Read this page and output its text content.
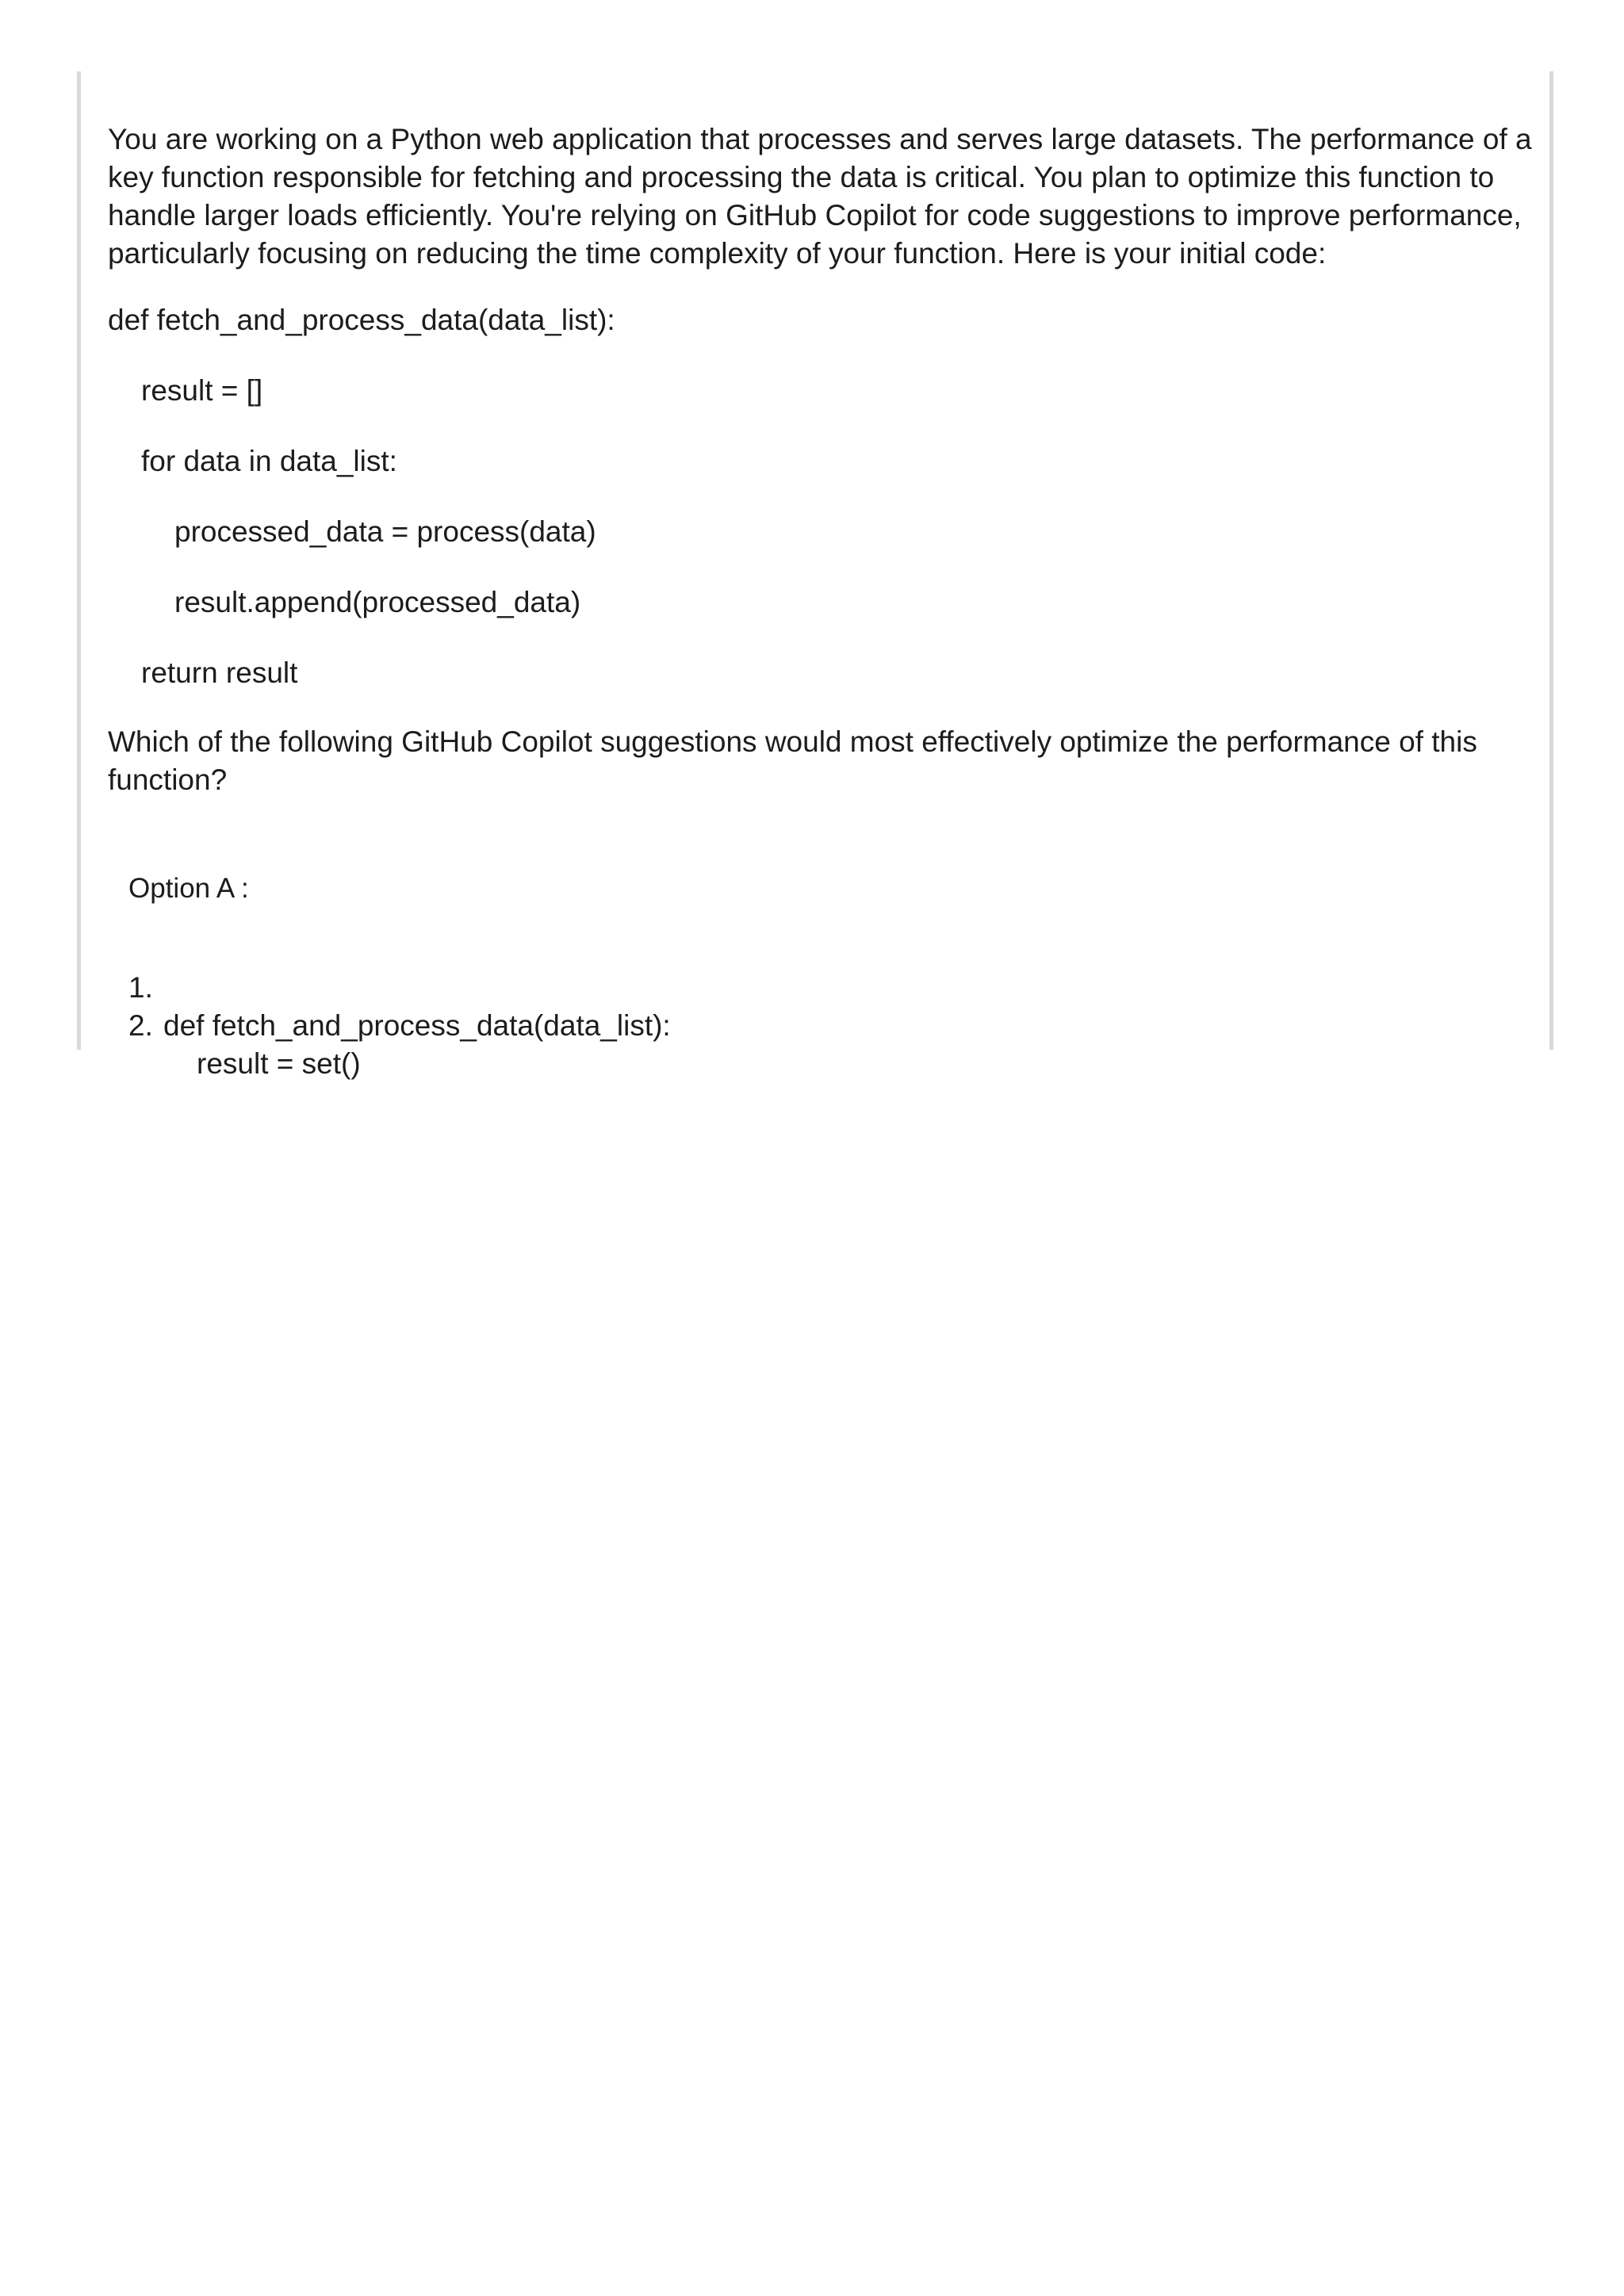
You are working on a Python web application that processes and serves large datasets. The performance of a key function responsible for fetching and processing the data is critical. You plan to optimize this function to handle larger loads efficiently. You're relying on GitHub Copilot for code suggestions to improve performance, particularly focusing on reducing the time complexity of your function. Here is your initial code:

def fetch_and_process_data(data_list):

result = []

for data in data_list:

processed_data = process(data)

result.append(processed_data)

return result

Which of the following GitHub Copilot suggestions would most effectively optimize the performance of this function?

Option A :

1.

def fetch_and_process_data(data_list):

2.

result = set()
